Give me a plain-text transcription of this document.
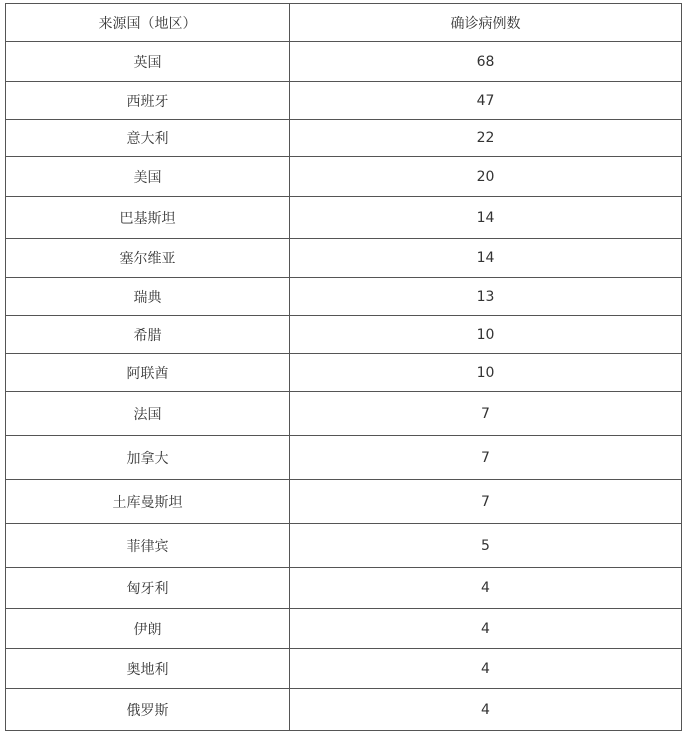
来源国（地区）	确诊病例数
英国	68
西班牙	47
意大利	22
美国	20
巴基斯坦	14
塞尔维亚	14
瑞典	13
希腊	10
阿联酋	10
法国	7
加拿大	7
土库曼斯坦	7
菲律宾	5
匈牙利	4
伊朗	4
奥地利	4
俄罗斯	4
